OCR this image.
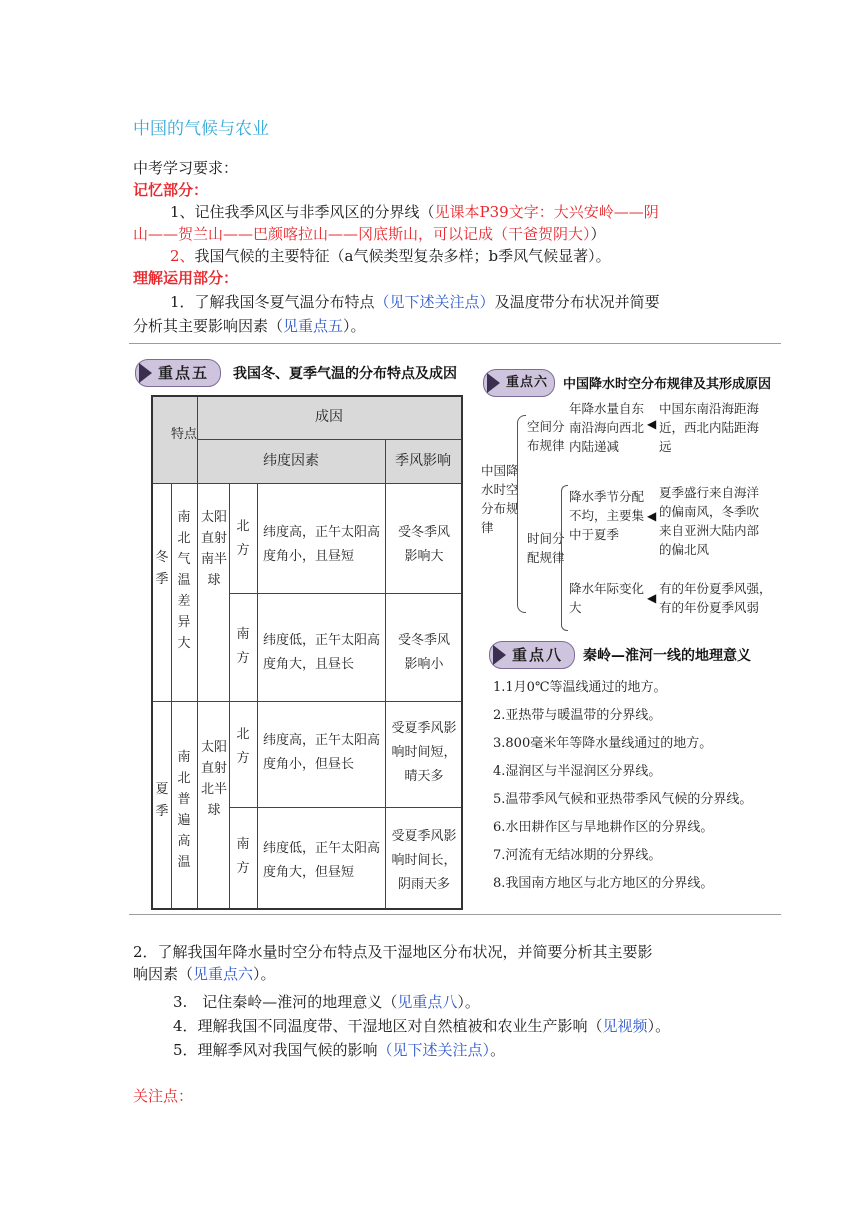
中国的气候与农业
中考学习要求：
记忆部分：
1、记住我季风区与非季风区的分界线（见课本P39文字：大兴安岭——阴
山——贺兰山——巴颜喀拉山——冈底斯山，可以记成（干爸贺阴大））
2、我国气候的主要特征（a气候类型复杂多样；b季风气候显著）。
理解运用部分：
1．了解我国冬夏气温分布特点（见下述关注点）及温度带分布状况并简要
分析其主要影响因素（见重点五）。
重点五 我国冬、夏季气温的分布特点及成因
特点
成因
纬度因素	季风影响
冬季
南北气温差异大
太阳直射南半球
北方
纬度高，正午太阳高度角小，且昼短
受冬季风影响大
南方
纬度低，正午太阳高度角大，且昼长
受冬季风影响小
夏季
南北普遍高温
太阳直射北半球
北方
纬度高，正午太阳高度角小，但昼长
受夏季风影响时间短，晴天多
南方
纬度低，正午太阳高度角大，但昼短
受夏季风影响时间长，阴雨天多
重点六 中国降水时空分布规律及其形成原因
中国降
水时空
分布规
律
空间分
布规律
年降水量自东
南沿海向西北
内陆递减
◀
中国东南沿海距海
近，西北内陆距海
远
时间分
配规律
降水季节分配
不均，主要集
中于夏季
◀
夏季盛行来自海洋
的偏南风，冬季吹
来自亚洲大陆内部
的偏北风
降水年际变化
大
◀
有的年份夏季风强，
有的年份夏季风弱
重点八 秦岭—淮河一线的地理意义
1.1月0℃等温线通过的地方。
2.亚热带与暖温带的分界线。
3.800毫米年等降水量线通过的地方。
4.湿润区与半湿润区分界线。
5.温带季风气候和亚热带季风气候的分界线。
6.水田耕作区与旱地耕作区的分界线。
7.河流有无结冰期的分界线。
8.我国南方地区与北方地区的分界线。
2．了解我国年降水量时空分布特点及干湿地区分布状况，并简要分析其主要影
响因素（见重点六）。
3.　记住秦岭—淮河的地理意义（见重点八）。
4．理解我国不同温度带、干湿地区对自然植被和农业生产影响（见视频）。
5．理解季风对我国气候的影响（见下述关注点）。
关注点：
